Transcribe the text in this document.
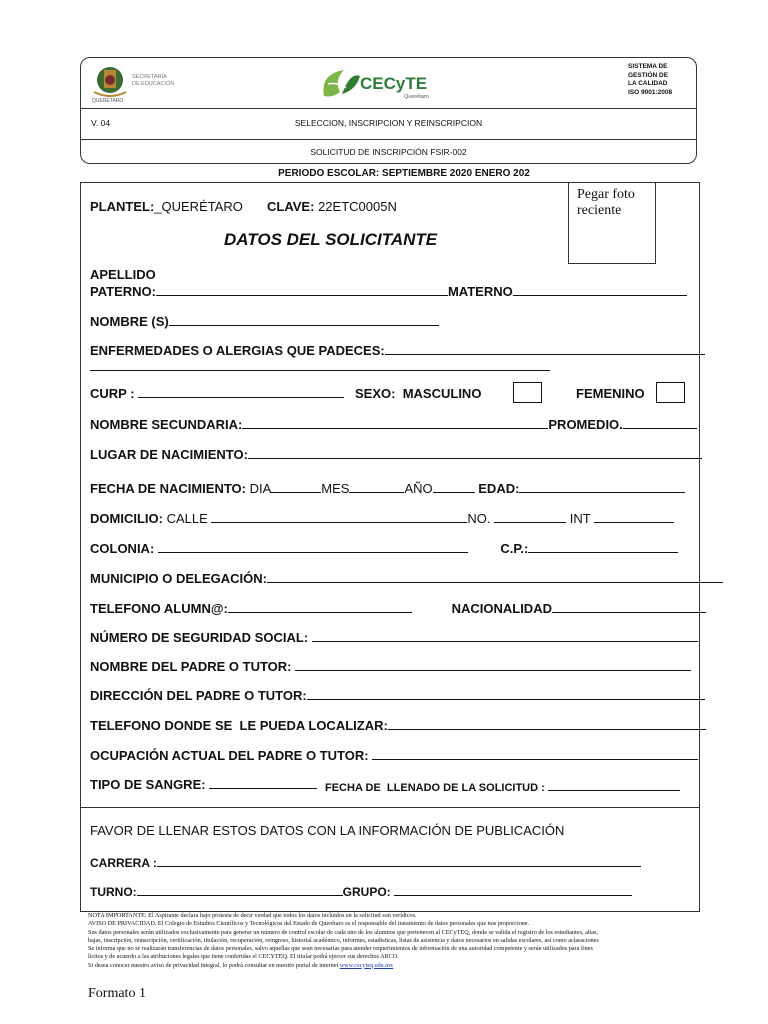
QUERÉTARO
SECRETARÍA
DE EDUCACIÓN	CECyTE
Querétaro
SISTEMA DE
GESTIÓN DE
LA CALIDAD
ISO 9001:2008
V. 04	SELECCION, INSCRIPCION Y REINSCRIPCION
SOLICITUD DE INSCRIPCIÓN FSIR-002
PERIODO ESCOLAR: SEPTIEMBRE 2020 ENERO 202
Pegar foto reciente
PLANTEL:_QUERÉTARO CLAVE: 22ETC0005N
DATOS DEL SOLICITANTE
APELLIDO
PATERNO:	MATERNO
NOMBRE (S)
ENFERMEDADES O ALERGIAS QUE PADECES:
CURP :	SEXO: MASCULINO	FEMENINO
NOMBRE SECUNDARIA:	PROMEDIO.
LUGAR DE NACIMIENTO:
FECHA DE NACIMIENTO: DIA	MES	AÑO	EDAD:
DOMICILIO: CALLE	NO.	INT
COLONIA:	C.P.:
MUNICIPIO O DELEGACIÓN:
TELEFONO ALUMN@:	NACIONALIDAD
NÚMERO DE SEGURIDAD SOCIAL:
NOMBRE DEL PADRE O TUTOR:
DIRECCIÓN DEL PADRE O TUTOR:
TELEFONO DONDE SE  LE PUEDA LOCALIZAR:
OCUPACIÓN ACTUAL DEL PADRE O TUTOR:
TIPO DE SANGRE:	FECHA DE  LLENADO DE LA SOLICITUD :
FAVOR DE LLENAR ESTOS DATOS CON LA INFORMACIÓN DE PUBLICACIÓN
CARRERA :
TURNO:	GRUPO:
NOTA IMPORTANTE: El Aspirante declara bajo protesta de decir verdad que todos los datos incluidos en la solicitud son verídicos.
AVISO DE PRIVACIDAD. El Colegio de Estudios Científicos y Tecnológicos del Estado de Querétaro es el responsable del tratamiento de datos personales que nos proporcione.
Sus datos personales serán utilizados exclusivamente para generar un número de control escolar de cada uno de los alumnos que pertenecen al CECyTEQ, donde se valida el registro de los estudiantes, altas,
bajas, inscripción, reinscripción, certificación, titulación, recuperación, reingreso, historial académico, informes, estadísticas, listas de asistencia y datos necesarios en salidas escolares, así como aclaraciones
Se informa que no se realizarán transferencias de datos personales, salvo aquellas que sean necesarias para atender requerimientos de información de una autoridad competente y serán utilizados para fines
lícitos y de acuerdo a las atribuciones legales que tiene conferidas el CECYTEQ. El titular podrá ejercer sus derechos ARCO.
Si desea conocer nuestro aviso de privacidad integral, lo podrá consultar en nuestro portal de internet www.cecyteq.edu.mx
Formato 1
